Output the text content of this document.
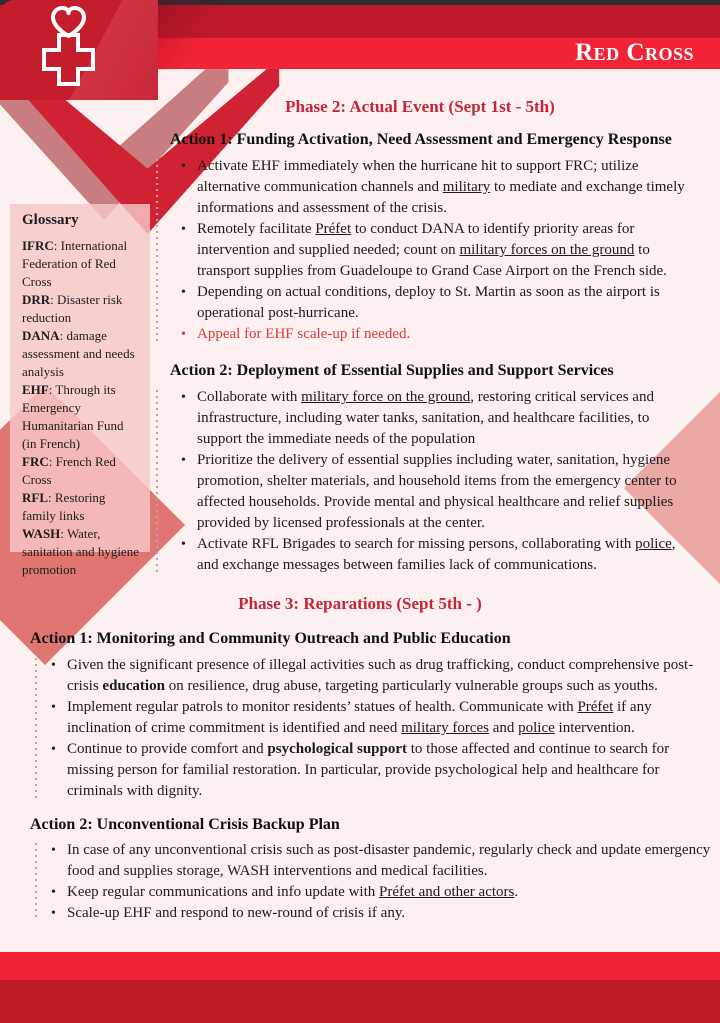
Red Cross
Glossary

IFRC: International Federation of Red Cross

DRR: Disaster risk reduction

DANA: damage assessment and needs analysis

EHF: Through its Emergency Humanitarian Fund (in French)

FRC: French Red Cross

RFL: Restoring family links

WASH: Water, sanitation and hygiene promotion

Phase 2: Actual Event (Sept 1st - 5th)
Action 1: Funding Activation, Need Assessment and Emergency Response
• Activate EHF immediately when the hurricane hit to support FRC; utilize alternative communication channels and military to mediate and exchange timely informations and assessment of the crisis.
• Remotely facilitate Préfet to conduct DANA to identify priority areas for intervention and supplied needed; count on military forces on the ground to transport supplies from Guadeloupe to Grand Case Airport on the French side.
• Depending on actual conditions, deploy to St. Martin as soon as the airport is operational post-hurricane.
• Appeal for EHF scale-up if needed.
Action 2: Deployment of Essential Supplies and Support Services
• Collaborate with military force on the ground, restoring critical services and infrastructure, including water tanks, sanitation, and healthcare facilities, to support the immediate needs of the population
• Prioritize the delivery of essential supplies including water, sanitation, hygiene promotion, shelter materials, and household items from the emergency center to affected households. Provide mental and physical healthcare and relief supplies provided by licensed professionals at the center.
• Activate RFL Brigades to search for missing persons, collaborating with police, and exchange messages between families lack of communications.
Phase 3: Reparations (Sept 5th - )
Action 1: Monitoring and Community Outreach and Public Education
• Given the significant presence of illegal activities such as drug trafficking, conduct comprehensive post-crisis education on resilience, drug abuse, targeting particularly vulnerable groups such as youths.
• Implement regular patrols to monitor residents’ statues of health. Communicate with Préfet if any inclination of crime commitment is identified and need military forces and police intervention.
• Continue to provide comfort and psychological support to those affected and continue to search for missing person for familial restoration. In particular, provide psychological help and healthcare for criminals with dignity.
Action 2: Unconventional Crisis Backup Plan
• In case of any unconventional crisis such as post-disaster pandemic, regularly check and update emergency food and supplies storage, WASH interventions and medical facilities.
• Keep regular communications and info update with Préfet and other actors.
• Scale-up EHF and respond to new-round of crisis if any.
